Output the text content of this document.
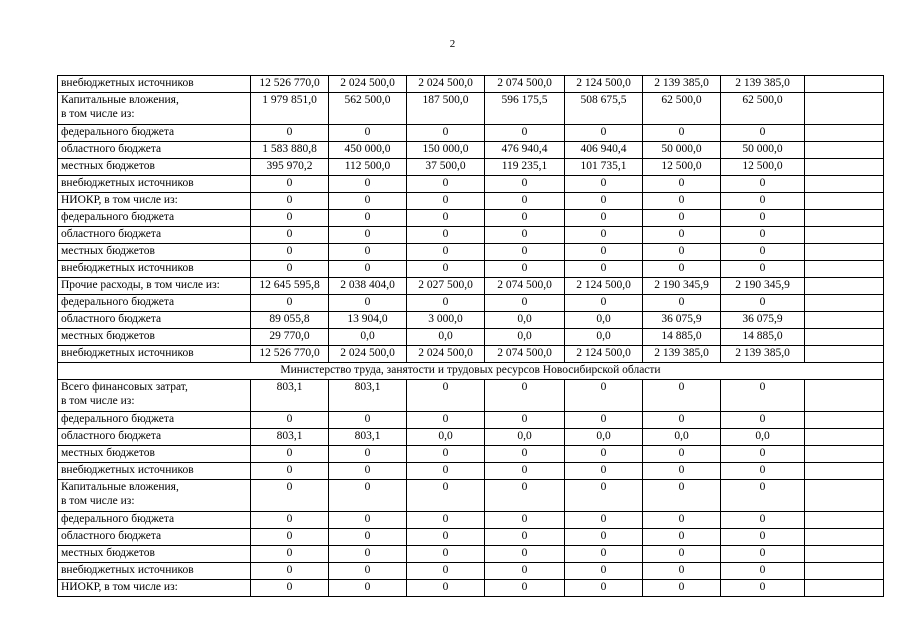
2
внебюджетных источников	12 526 770,0	2 024 500,0	2 024 500,0	2 074 500,0	2 124 500,0	2 139 385,0	2 139 385,0	
Капитальные вложения,
в том числе из:	1 979 851,0	562 500,0	187 500,0	596 175,5	508 675,5	62 500,0	62 500,0	
федерального бюджета	0	0	0	0	0	0	0	
областного бюджета	1 583 880,8	450 000,0	150 000,0	476 940,4	406 940,4	50 000,0	50 000,0	
местных бюджетов	395 970,2	112 500,0	37 500,0	119 235,1	101 735,1	12 500,0	12 500,0	
внебюджетных источников	0	0	0	0	0	0	0	
НИОКР, в том числе из:	0	0	0	0	0	0	0	
федерального бюджета	0	0	0	0	0	0	0	
областного бюджета	0	0	0	0	0	0	0	
местных бюджетов	0	0	0	0	0	0	0	
внебюджетных источников	0	0	0	0	0	0	0	
Прочие расходы, в том числе из:	12 645 595,8	2 038 404,0	2 027 500,0	2 074 500,0	2 124 500,0	2 190 345,9	2 190 345,9	
федерального бюджета	0	0	0	0	0	0	0	
областного бюджета	89 055,8	13 904,0	3 000,0	0,0	0,0	36 075,9	36 075,9	
местных бюджетов	29 770,0	0,0	0,0	0,0	0,0	14 885,0	14 885,0	
внебюджетных источников	12 526 770,0	2 024 500,0	2 024 500,0	2 074 500,0	2 124 500,0	2 139 385,0	2 139 385,0	
Министерство труда, занятости и трудовых ресурсов Новосибирской области								
Всего финансовых затрат,
в том числе из:	803,1	803,1	0	0	0	0	0	
федерального бюджета	0	0	0	0	0	0	0	
областного бюджета	803,1	803,1	0,0	0,0	0,0	0,0	0,0	
местных бюджетов	0	0	0	0	0	0	0	
внебюджетных источников	0	0	0	0	0	0	0	
Капитальные вложения,
в том числе из:	0	0	0	0	0	0	0	
федерального бюджета	0	0	0	0	0	0	0	
областного бюджета	0	0	0	0	0	0	0	
местных бюджетов	0	0	0	0	0	0	0	
внебюджетных источников	0	0	0	0	0	0	0	
НИОКР, в том числе из:	0	0	0	0	0	0	0	
